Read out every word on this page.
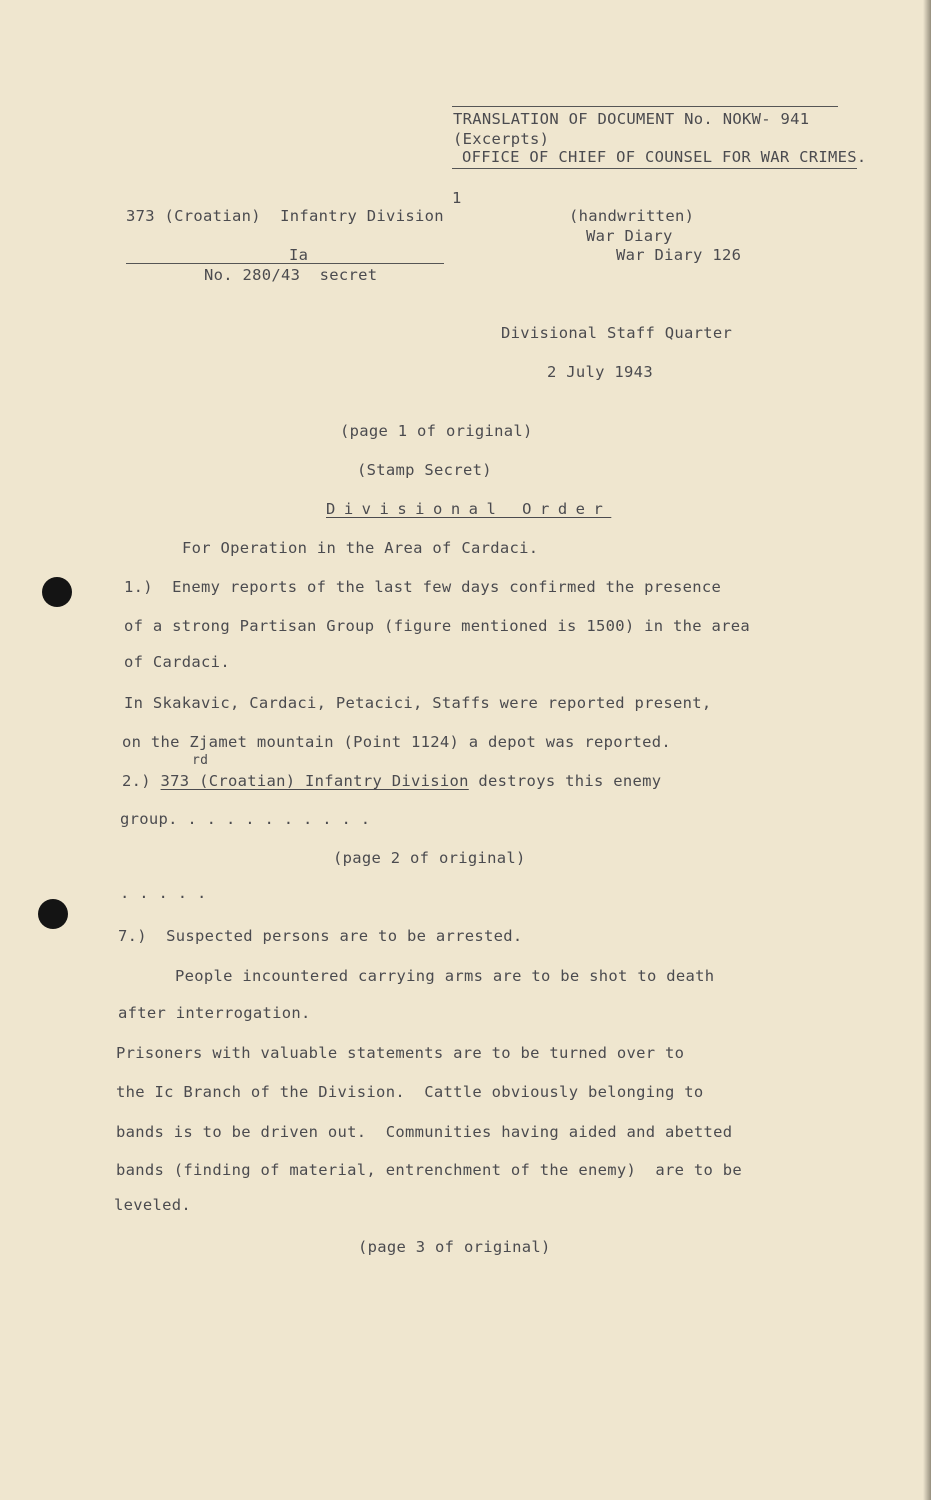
TRANSLATION OF DOCUMENT No. NOKW- 941
(Excerpts)
OFFICE OF CHIEF OF COUNSEL FOR WAR CRIMES.
1
373 (Croatian)  Infantry Division
Ia
No. 280/43  secret
(handwritten)
War Diary
War Diary 126
Divisional Staff Quarter
2 July 1943
(page 1 of original)
(Stamp Secret)
Divisional Order
For Operation in the Area of Cardaci.
1.)  Enemy reports of the last few days confirmed the presence
of a strong Partisan Group (figure mentioned is 1500) in the area
of Cardaci.
In Skakavic, Cardaci, Petacici, Staffs were reported present,
on the Zjamet mountain (Point 1124) a depot was reported.
rd
2.) 373 (Croatian) Infantry Division destroys this enemy
group. . . . . . . . . . .
(page 2 of original)
. . . . .
7.)  Suspected persons are to be arrested.
People incountered carrying arms are to be shot to death
after interrogation.
Prisoners with valuable statements are to be turned over to
the Ic Branch of the Division.  Cattle obviously belonging to
bands is to be driven out.  Communities having aided and abetted
bands (finding of material, entrenchment of the enemy)  are to be
leveled.
(page 3 of original)
